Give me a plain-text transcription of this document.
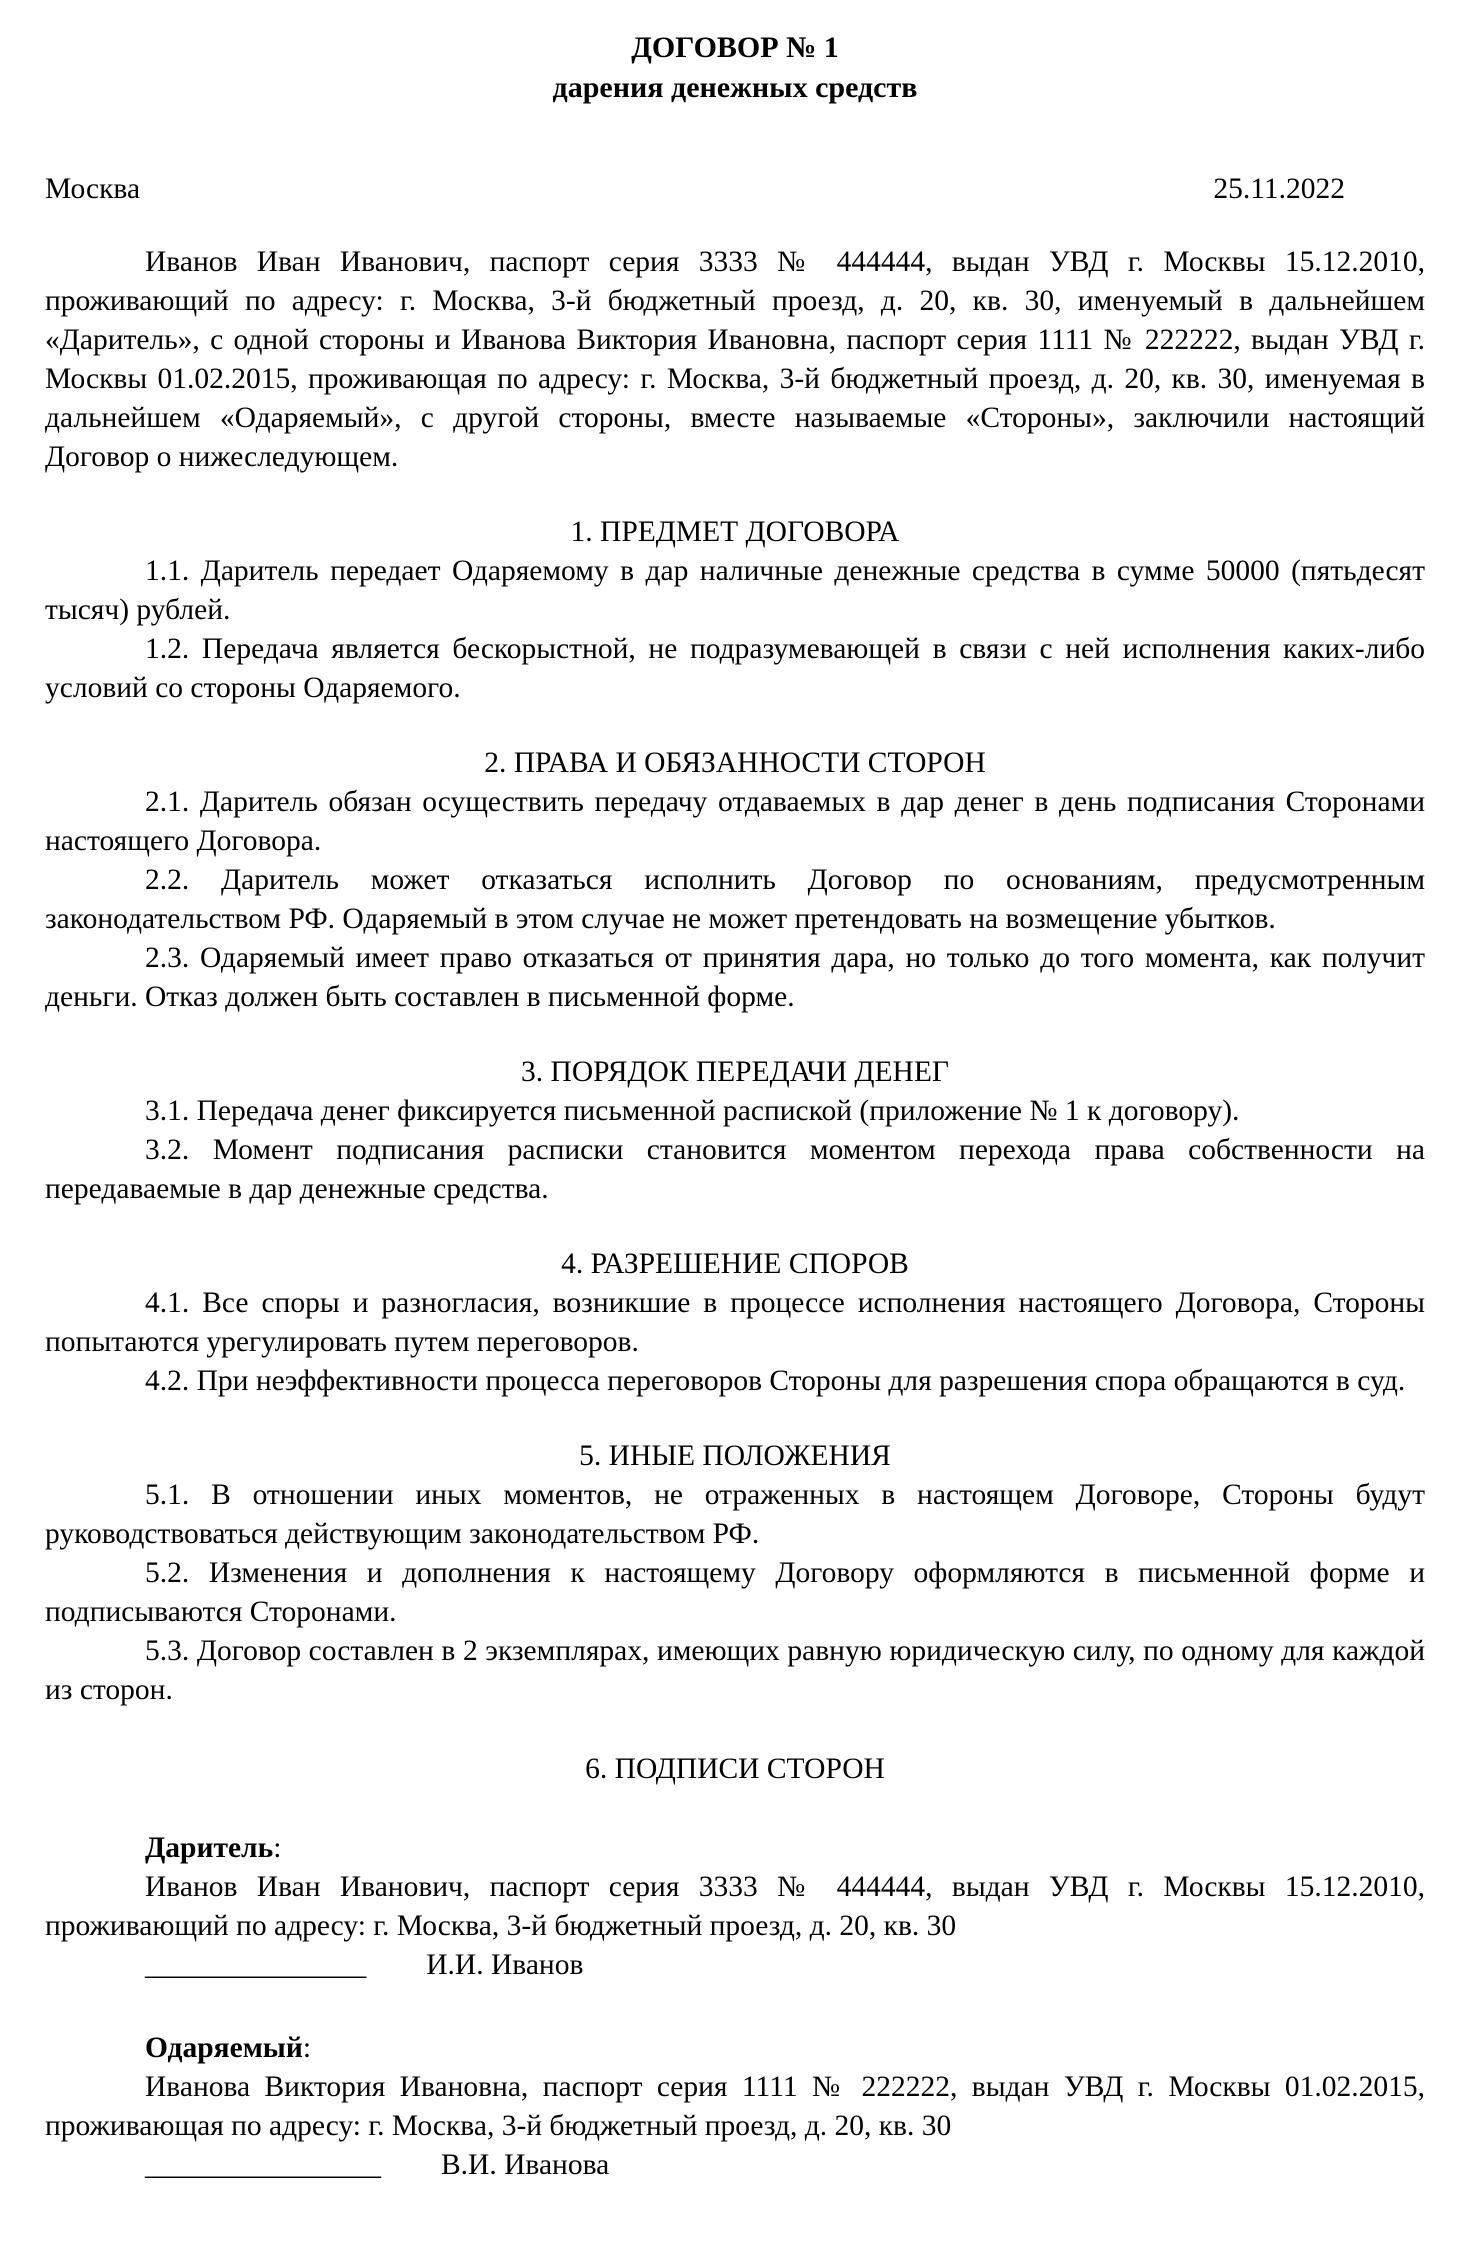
ДОГОВОР № 1
дарения денежных средств
Москва	25.11.2022
Иванов Иван Иванович, паспорт серия 3333 № 444444, выдан УВД г. Москвы 15.12.2010, проживающий по адресу: г. Москва, 3-й бюджетный проезд, д. 20, кв. 30, именуемый в дальнейшем «Даритель», с одной стороны и Иванова Виктория Ивановна, паспорт серия 1111 № 222222, выдан УВД г. Москвы 01.02.2015, проживающая по адресу: г. Москва, 3-й бюджетный проезд, д. 20, кв. 30, именуемая в дальнейшем «Одаряемый», с другой стороны, вместе называемые «Стороны», заключили настоящий Договор о нижеследующем.
1. ПРЕДМЕТ ДОГОВОРА
1.1. Даритель передает Одаряемому в дар наличные денежные средства в сумме 50000 (пятьдесят тысяч) рублей.
1.2. Передача является бескорыстной, не подразумевающей в связи с ней исполнения каких-либо условий со стороны Одаряемого.
2. ПРАВА И ОБЯЗАННОСТИ СТОРОН
2.1. Даритель обязан осуществить передачу отдаваемых в дар денег в день подписания Сторонами настоящего Договора.
2.2. Даритель может отказаться исполнить Договор по основаниям, предусмотренным законодательством РФ. Одаряемый в этом случае не может претендовать на возмещение убытков.
2.3. Одаряемый имеет право отказаться от принятия дара, но только до того момента, как получит деньги. Отказ должен быть составлен в письменной форме.
3. ПОРЯДОК ПЕРЕДАЧИ ДЕНЕГ
3.1. Передача денег фиксируется письменной распиской (приложение № 1 к договору).
3.2. Момент подписания расписки становится моментом перехода права собственности на передаваемые в дар денежные средства.
4. РАЗРЕШЕНИЕ СПОРОВ
4.1. Все споры и разногласия, возникшие в процессе исполнения настоящего Договора, Стороны попытаются урегулировать путем переговоров.
4.2. При неэффективности процесса переговоров Стороны для разрешения спора обращаются в суд.
5. ИНЫЕ ПОЛОЖЕНИЯ
5.1. В отношении иных моментов, не отраженных в настоящем Договоре, Стороны будут руководствоваться действующим законодательством РФ.
5.2. Изменения и дополнения к настоящему Договору оформляются в письменной форме и подписываются Сторонами.
5.3. Договор составлен в 2 экземплярах, имеющих равную юридическую силу, по одному для каждой из сторон.
6. ПОДПИСИ СТОРОН
Даритель:
Иванов Иван Иванович, паспорт серия 3333 № 444444, выдан УВД г. Москвы 15.12.2010, проживающий по адресу: г. Москва, 3-й бюджетный проезд, д. 20, кв. 30
_______________ И.И. Иванов
Одаряемый:
Иванова Виктория Ивановна, паспорт серия 1111 № 222222, выдан УВД г. Москвы 01.02.2015, проживающая по адресу: г. Москва, 3-й бюджетный проезд, д. 20, кв. 30
________________ В.И. Иванова
